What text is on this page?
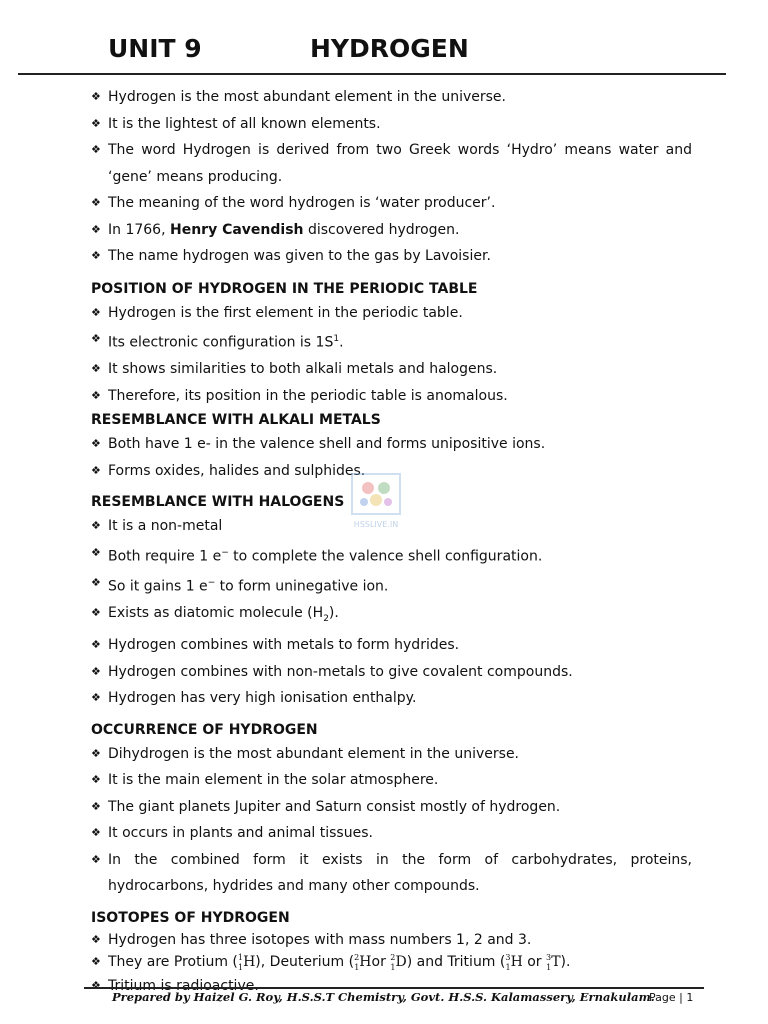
UNIT 9	HYDROGEN
❖ Hydrogen is the most abundant element in the universe.
❖ It is the lightest of all known elements.
❖ The word Hydrogen is derived from two Greek words ‘Hydro’ means water and ‘gene’ means producing.
❖ The meaning of the word hydrogen is ‘water producer’.
❖ In 1766, Henry Cavendish discovered hydrogen.
❖ The name hydrogen was given to the gas by Lavoisier.
POSITION OF HYDROGEN IN THE PERIODIC TABLE
❖ Hydrogen is the first element in the periodic table.
❖ Its electronic configuration is $1S^1$.
❖ It shows similarities to both alkali metals and halogens.
❖ Therefore, its position in the periodic table is anomalous.
RESEMBLANCE WITH ALKALI METALS
❖ Both have 1 e- in the valence shell and forms unipositive ions.
❖ Forms oxides, halides and sulphides.
RESEMBLANCE WITH HALOGENS
❖ It is a non-metal
❖ Both require 1 e− to complete the valence shell configuration.
❖ So it gains 1 e− to form uninegative ion.
❖ Exists as diatomic molecule $(H_2)$.
❖ Hydrogen combines with metals to form hydrides.
❖ Hydrogen combines with non-metals to give covalent compounds.
❖ Hydrogen has very high ionisation enthalpy.
OCCURRENCE OF HYDROGEN
❖ Dihydrogen is the most abundant element in the universe.
❖ It is the main element in the solar atmosphere.
❖ The giant planets Jupiter and Saturn consist mostly of hydrogen.
❖ It occurs in plants and animal tissues.
❖ In the combined form it exists in the form of carbohydrates, proteins, hydrocarbons, hydrides and many other compounds.
ISOTOPES OF HYDROGEN
❖ Hydrogen has three isotopes with mass numbers 1, 2 and 3.
❖ They are Protium ($^1_1$H), Deuterium ($^2_1$Hor $^2_1$D) and Tritium ($^3_1$H or $^3_1$T).
❖ Tritium is radioactive.
HSSLIVE.IN
Prepared by Haizel G. Roy, H.S.S.T Chemistry, Govt. H.S.S. Kalamassery, Ernakulam.
Page | 1
